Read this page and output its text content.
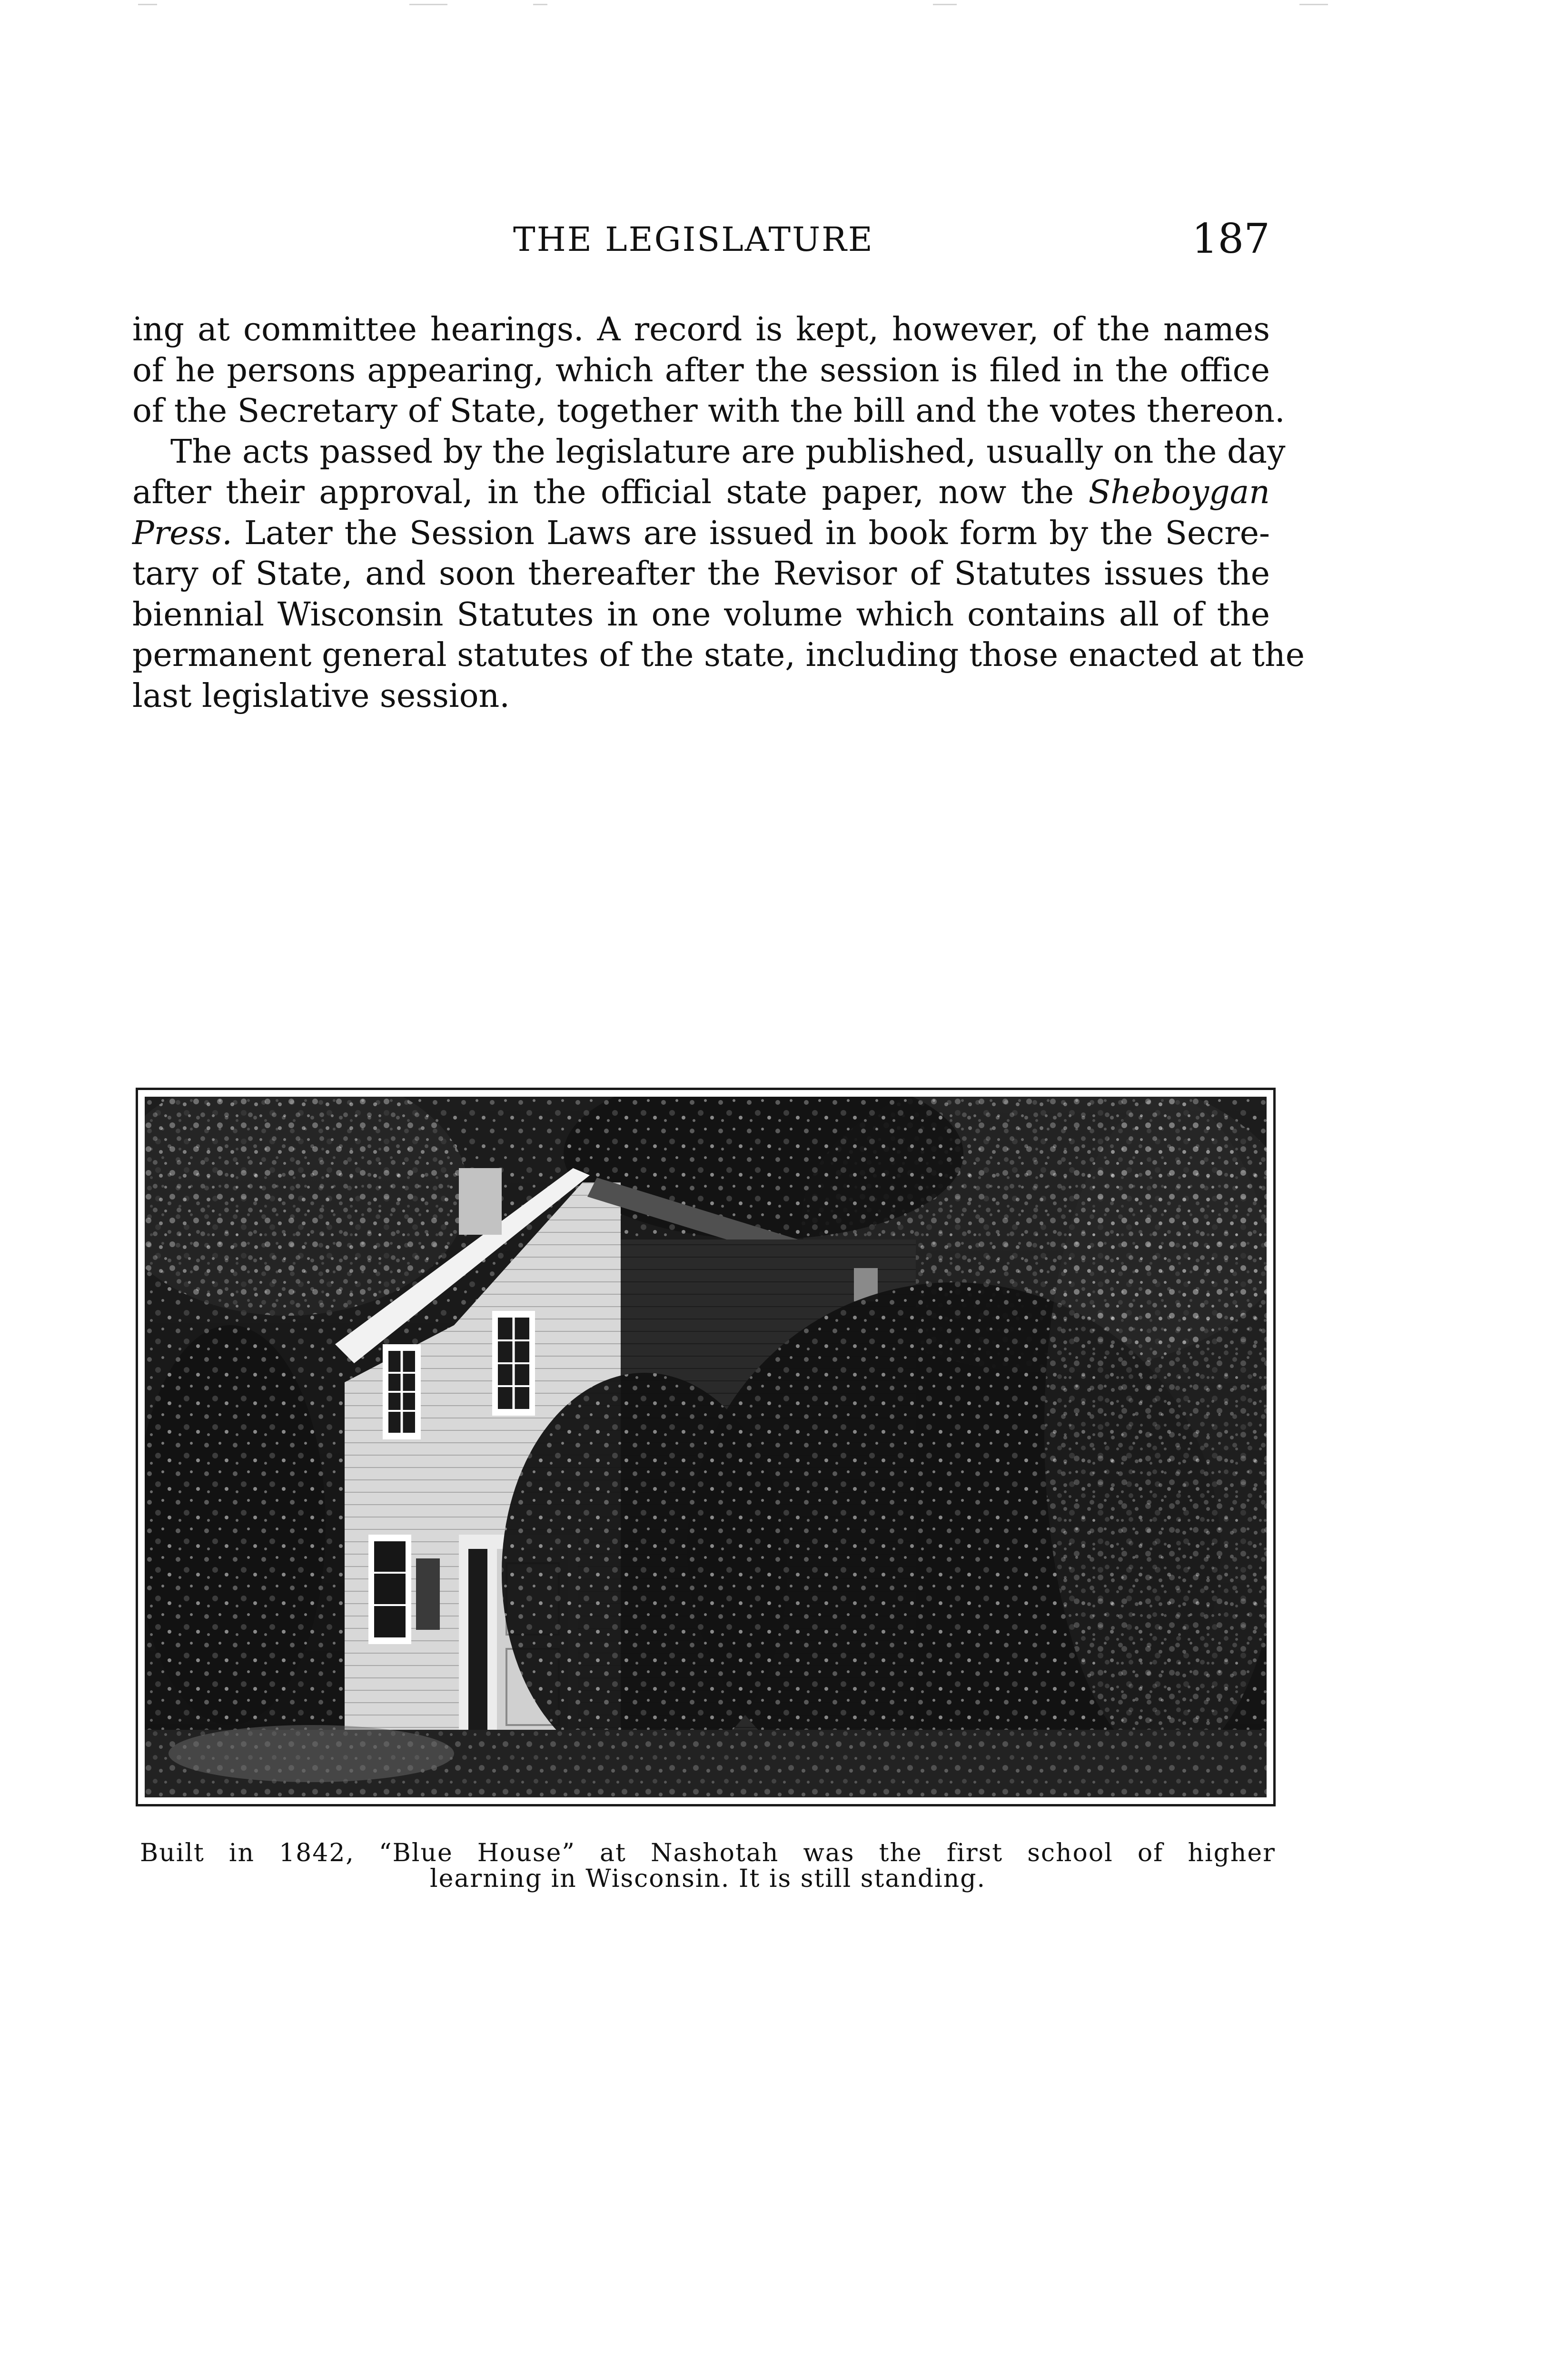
THE LEGISLATURE	187
ing at committee hearings. A record is kept, however, of the names
of he persons appearing, which after the session is filed in the office
of the Secretary of State, together with the bill and the votes thereon.
The acts passed by the legislature are published, usually on the day
after their approval, in the official state paper, now the Sheboygan
Press. Later the Session Laws are issued in book form by the Secre-
tary of State, and soon thereafter the Revisor of Statutes issues the
biennial Wisconsin Statutes in one volume which contains all of the
permanent general statutes of the state, including those enacted at the
last legislative session.
Built in 1842, “Blue House” at Nashotah was the first school of higher
learning in Wisconsin. It is still standing.
